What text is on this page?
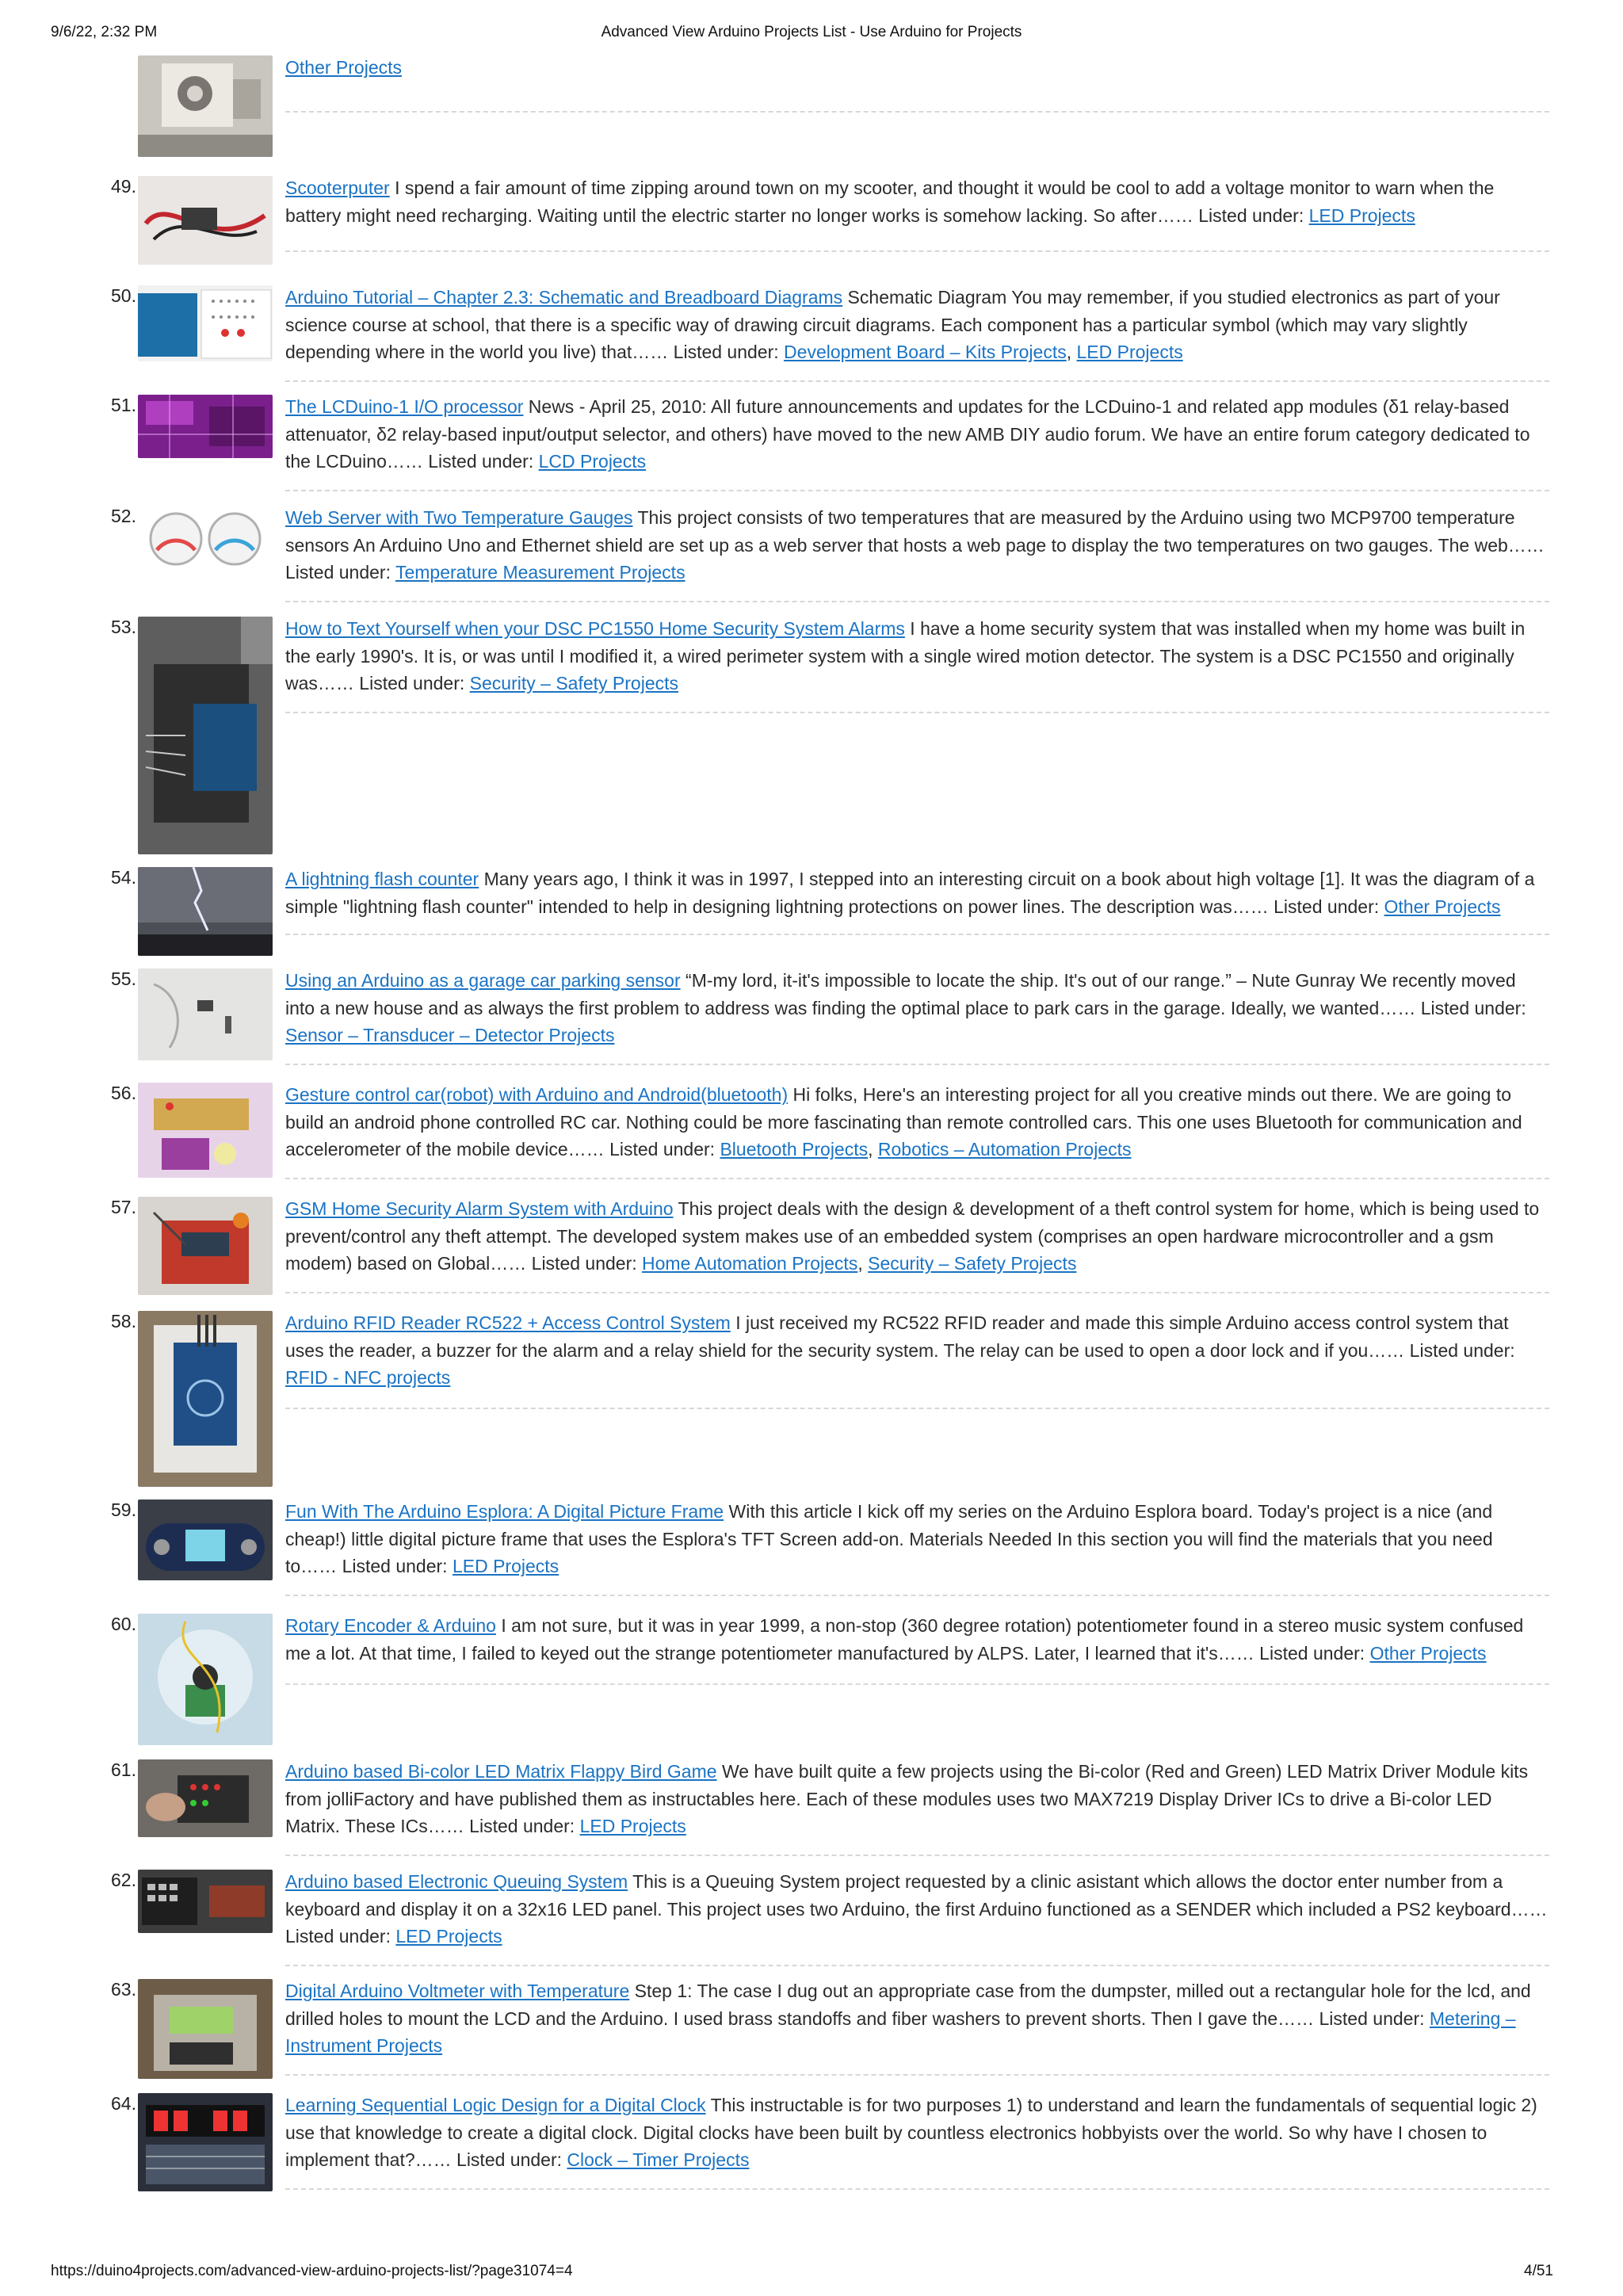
9/6/22, 2:32 PM	Advanced View Arduino Projects List - Use Arduino for Projects
Other Projects
49.	Scooterputer I spend a fair amount of time zipping around town on my scooter, and thought it would be cool to add a voltage monitor to warn when the battery might need recharging. Waiting until the electric starter no longer works is somehow lacking. So after…… Listed under: LED Projects
50.	Arduino Tutorial – Chapter 2.3: Schematic and Breadboard Diagrams Schematic Diagram You may remember, if you studied electronics as part of your science course at school, that there is a specific way of drawing circuit diagrams. Each component has a particular symbol (which may vary slightly depending where in the world you live) that…… Listed under: Development Board – Kits Projects, LED Projects
51.	The LCDuino-1 I/O processor News - April 25, 2010: All future announcements and updates for the LCDuino-1 and related app modules (δ1 relay-based attenuator, δ2 relay-based input/output selector, and others) have moved to the new AMB DIY audio forum. We have an entire forum category dedicated to the LCDuino…… Listed under: LCD Projects
52.	Web Server with Two Temperature Gauges This project consists of two temperatures that are measured by the Arduino using two MCP9700 temperature sensors An Arduino Uno and Ethernet shield are set up as a web server that hosts a web page to display the two temperatures on two gauges. The web…… Listed under: Temperature Measurement Projects
53.	How to Text Yourself when your DSC PC1550 Home Security System Alarms I have a home security system that was installed when my home was built in the early 1990's. It is, or was until I modified it, a wired perimeter system with a single wired motion detector. The system is a DSC PC1550 and originally was…… Listed under: Security – Safety Projects
54.	A lightning flash counter Many years ago, I think it was in 1997, I stepped into an interesting circuit on a book about high voltage [1]. It was the diagram of a simple "lightning flash counter" intended to help in designing lightning protections on power lines. The description was…… Listed under: Other Projects
55.	Using an Arduino as a garage car parking sensor “M-my lord, it-it's impossible to locate the ship. It's out of our range.” – Nute Gunray We recently moved into a new house and as always the first problem to address was finding the optimal place to park cars in the garage. Ideally, we wanted…… Listed under: Sensor – Transducer – Detector Projects
56.	Gesture control car(robot) with Arduino and Android(bluetooth) Hi folks, Here's an interesting project for all you creative minds out there. We are going to build an android phone controlled RC car. Nothing could be more fascinating than remote controlled cars. This one uses Bluetooth for communication and accelerometer of the mobile device…… Listed under: Bluetooth Projects, Robotics – Automation Projects
57.	GSM Home Security Alarm System with Arduino This project deals with the design & development of a theft control system for home, which is being used to prevent/control any theft attempt. The developed system makes use of an embedded system (comprises an open hardware microcontroller and a gsm modem) based on Global…… Listed under: Home Automation Projects, Security – Safety Projects
58.	Arduino RFID Reader RC522 + Access Control System I just received my RC522 RFID reader and made this simple Arduino access control system that uses the reader, a buzzer for the alarm and a relay shield for the security system. The relay can be used to open a door lock and if you…… Listed under: RFID - NFC projects
59.	Fun With The Arduino Esplora: A Digital Picture Frame With this article I kick off my series on the Arduino Esplora board. Today's project is a nice (and cheap!) little digital picture frame that uses the Esplora's TFT Screen add-on. Materials Needed In this section you will find the materials that you need to…… Listed under: LED Projects
60.	Rotary Encoder & Arduino I am not sure, but it was in year 1999, a non-stop (360 degree rotation) potentiometer found in a stereo music system confused me a lot. At that time, I failed to keyed out the strange potentiometer manufactured by ALPS. Later, I learned that it's…… Listed under: Other Projects
61.	Arduino based Bi-color LED Matrix Flappy Bird Game We have built quite a few projects using the Bi-color (Red and Green) LED Matrix Driver Module kits from jolliFactory and have published them as instructables here. Each of these modules uses two MAX7219 Display Driver ICs to drive a Bi-color LED Matrix. These ICs…… Listed under: LED Projects
62.	Arduino based Electronic Queuing System This is a Queuing System project requested by a clinic asistant which allows the doctor enter number from a keyboard and display it on a 32x16 LED panel. This project uses two Arduino, the first Arduino functioned as a SENDER which included a PS2 keyboard…… Listed under: LED Projects
63.	Digital Arduino Voltmeter with Temperature Step 1: The case I dug out an appropriate case from the dumpster, milled out a rectangular hole for the lcd, and drilled holes to mount the LCD and the Arduino. I used brass standoffs and fiber washers to prevent shorts. Then I gave the…… Listed under: Metering – Instrument Projects
64.	Learning Sequential Logic Design for a Digital Clock This instructable is for two purposes 1) to understand and learn the fundamentals of sequential logic 2) use that knowledge to create a digital clock. Digital clocks have been built by countless electronics hobbyists over the world. So why have I chosen to implement that?…… Listed under: Clock – Timer Projects
https://duino4projects.com/advanced-view-arduino-projects-list/?page31074=4	4/51
